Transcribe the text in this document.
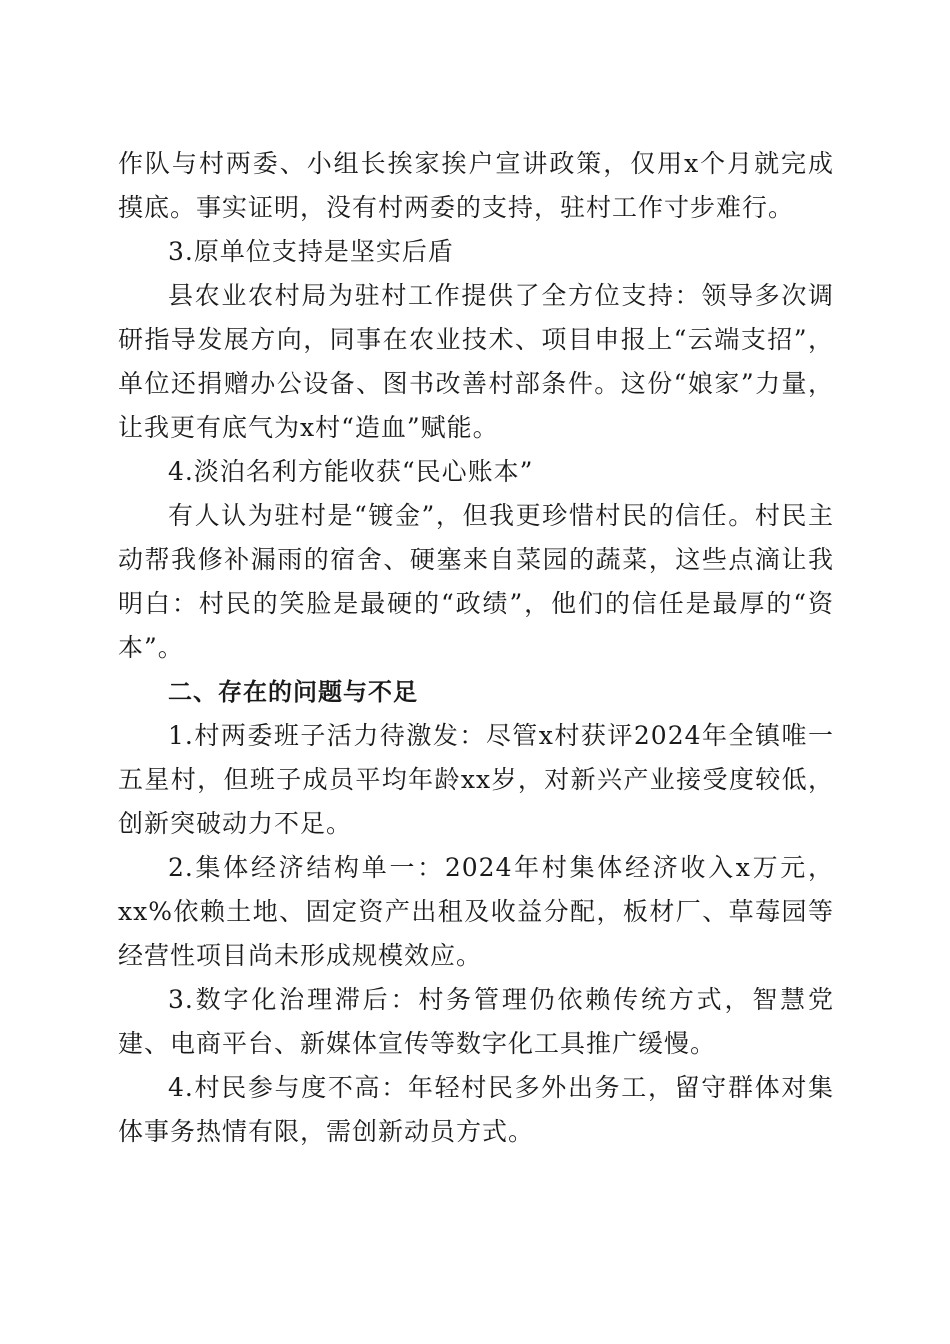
作队与村两委、小组长挨家挨户宣讲政策，仅用x个月就完成摸底。事实证明，没有村两委的支持，驻村工作寸步难行。

3.原单位支持是坚实后盾

县农业农村局为驻村工作提供了全方位支持：领导多次调研指导发展方向，同事在农业技术、项目申报上“云端支招”，单位还捐赠办公设备、图书改善村部条件。这份“娘家”力量，让我更有底气为x村“造血”赋能。

4.淡泊名利方能收获“民心账本”

有人认为驻村是“镀金”，但我更珍惜村民的信任。村民主动帮我修补漏雨的宿舍、硬塞来自菜园的蔬菜，这些点滴让我明白：村民的笑脸是最硬的“政绩”，他们的信任是最厚的“资本”。

二、存在的问题与不足

1.村两委班子活力待激发：尽管x村获评2024年全镇唯一五星村，但班子成员平均年龄xx岁，对新兴产业接受度较低，创新突破动力不足。

2.集体经济结构单一：2024年村集体经济收入x万元，xx%依赖土地、固定资产出租及收益分配，板材厂、草莓园等经营性项目尚未形成规模效应。

3.数字化治理滞后：村务管理仍依赖传统方式，智慧党建、电商平台、新媒体宣传等数字化工具推广缓慢。

4.村民参与度不高：年轻村民多外出务工，留守群体对集体事务热情有限，需创新动员方式。
